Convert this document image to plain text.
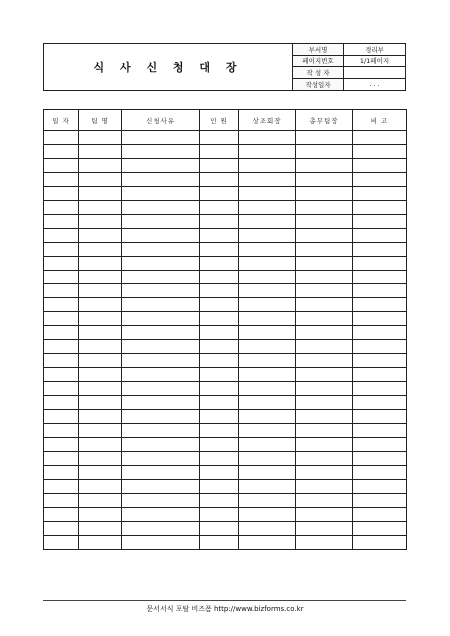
식 사 신 청 대 장
부서명	경리부
페이지번호	1/1페이지
작 성 자
작성일자	. . .
일 자	팀 명	신청사유	인 원	상조회장	총무팀장	비 고

문서서식 포탈 비즈폼 http://www.bizforms.co.kr
